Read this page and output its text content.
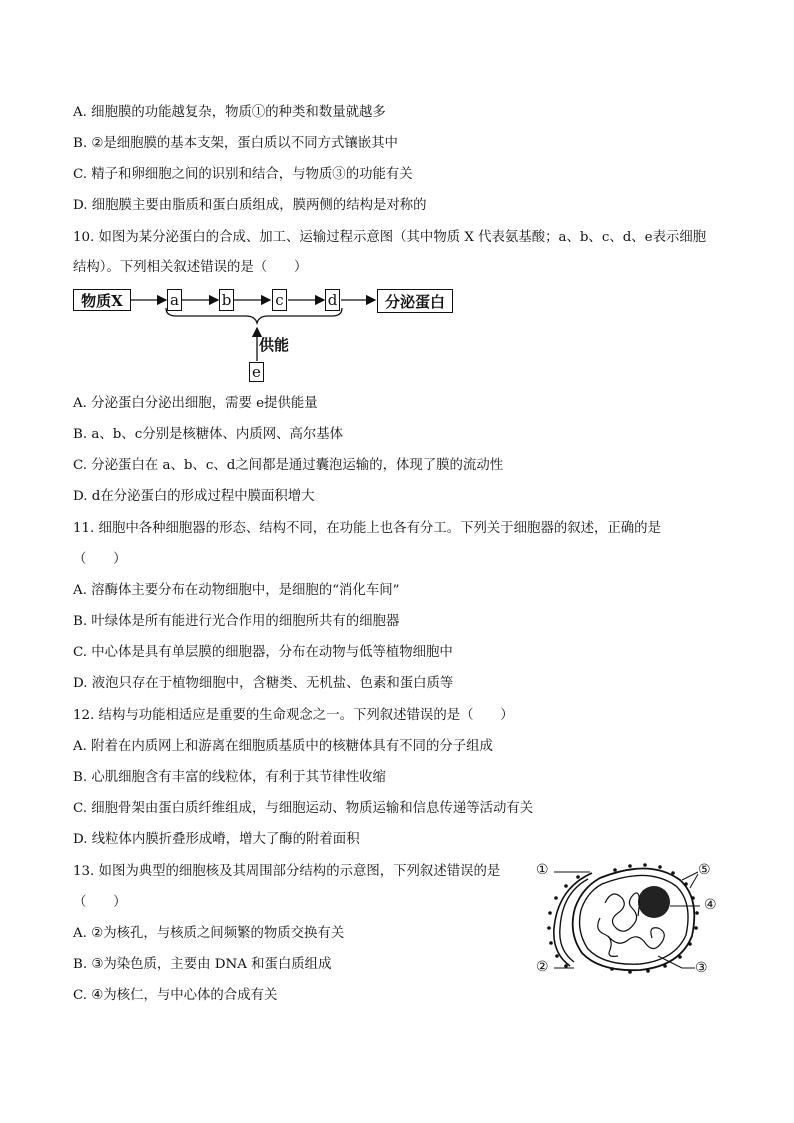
A. 细胞膜的功能越复杂，物质①的种类和数量就越多
B. ②是细胞膜的基本支架，蛋白质以不同方式镶嵌其中
C. 精子和卵细胞之间的识别和结合，与物质③的功能有关
D. 细胞膜主要由脂质和蛋白质组成，膜两侧的结构是对称的
10. 如图为某分泌蛋白的合成、加工、运输过程示意图（其中物质 X 代表氨基酸；a、b、c、d、e表示细胞
结构）。下列相关叙述错误的是（　　）
物质X	a	b	c	d	分泌蛋白
供能
e
A. 分泌蛋白分泌出细胞，需要 e提供能量
B. a、b、c分别是核糖体、内质网、高尔基体
C. 分泌蛋白在 a、b、c、d之间都是通过囊泡运输的，体现了膜的流动性
D. d在分泌蛋白的形成过程中膜面积增大
11. 细胞中各种细胞器的形态、结构不同，在功能上也各有分工。下列关于细胞器的叙述，正确的是
（　　）
A. 溶酶体主要分布在动物细胞中，是细胞的“消化车间”
B. 叶绿体是所有能进行光合作用的细胞所共有的细胞器
C. 中心体是具有单层膜的细胞器，分布在动物与低等植物细胞中
D. 液泡只存在于植物细胞中，含糖类、无机盐、色素和蛋白质等
12. 结构与功能相适应是重要的生命观念之一。下列叙述错误的是（　　）
A. 附着在内质网上和游离在细胞质基质中的核糖体具有不同的分子组成
B. 心肌细胞含有丰富的线粒体，有利于其节律性收缩
C. 细胞骨架由蛋白质纤维组成，与细胞运动、物质运输和信息传递等活动有关
D. 线粒体内膜折叠形成嵴，增大了酶的附着面积
13. 如图为典型的细胞核及其周围部分结构的示意图，下列叙述错误的是
（　　）
A. ②为核孔，与核质之间频繁的物质交换有关
B. ③为染色质，主要由 DNA 和蛋白质组成
C. ④为核仁，与中心体的合成有关
①
②	③
④
⑤
